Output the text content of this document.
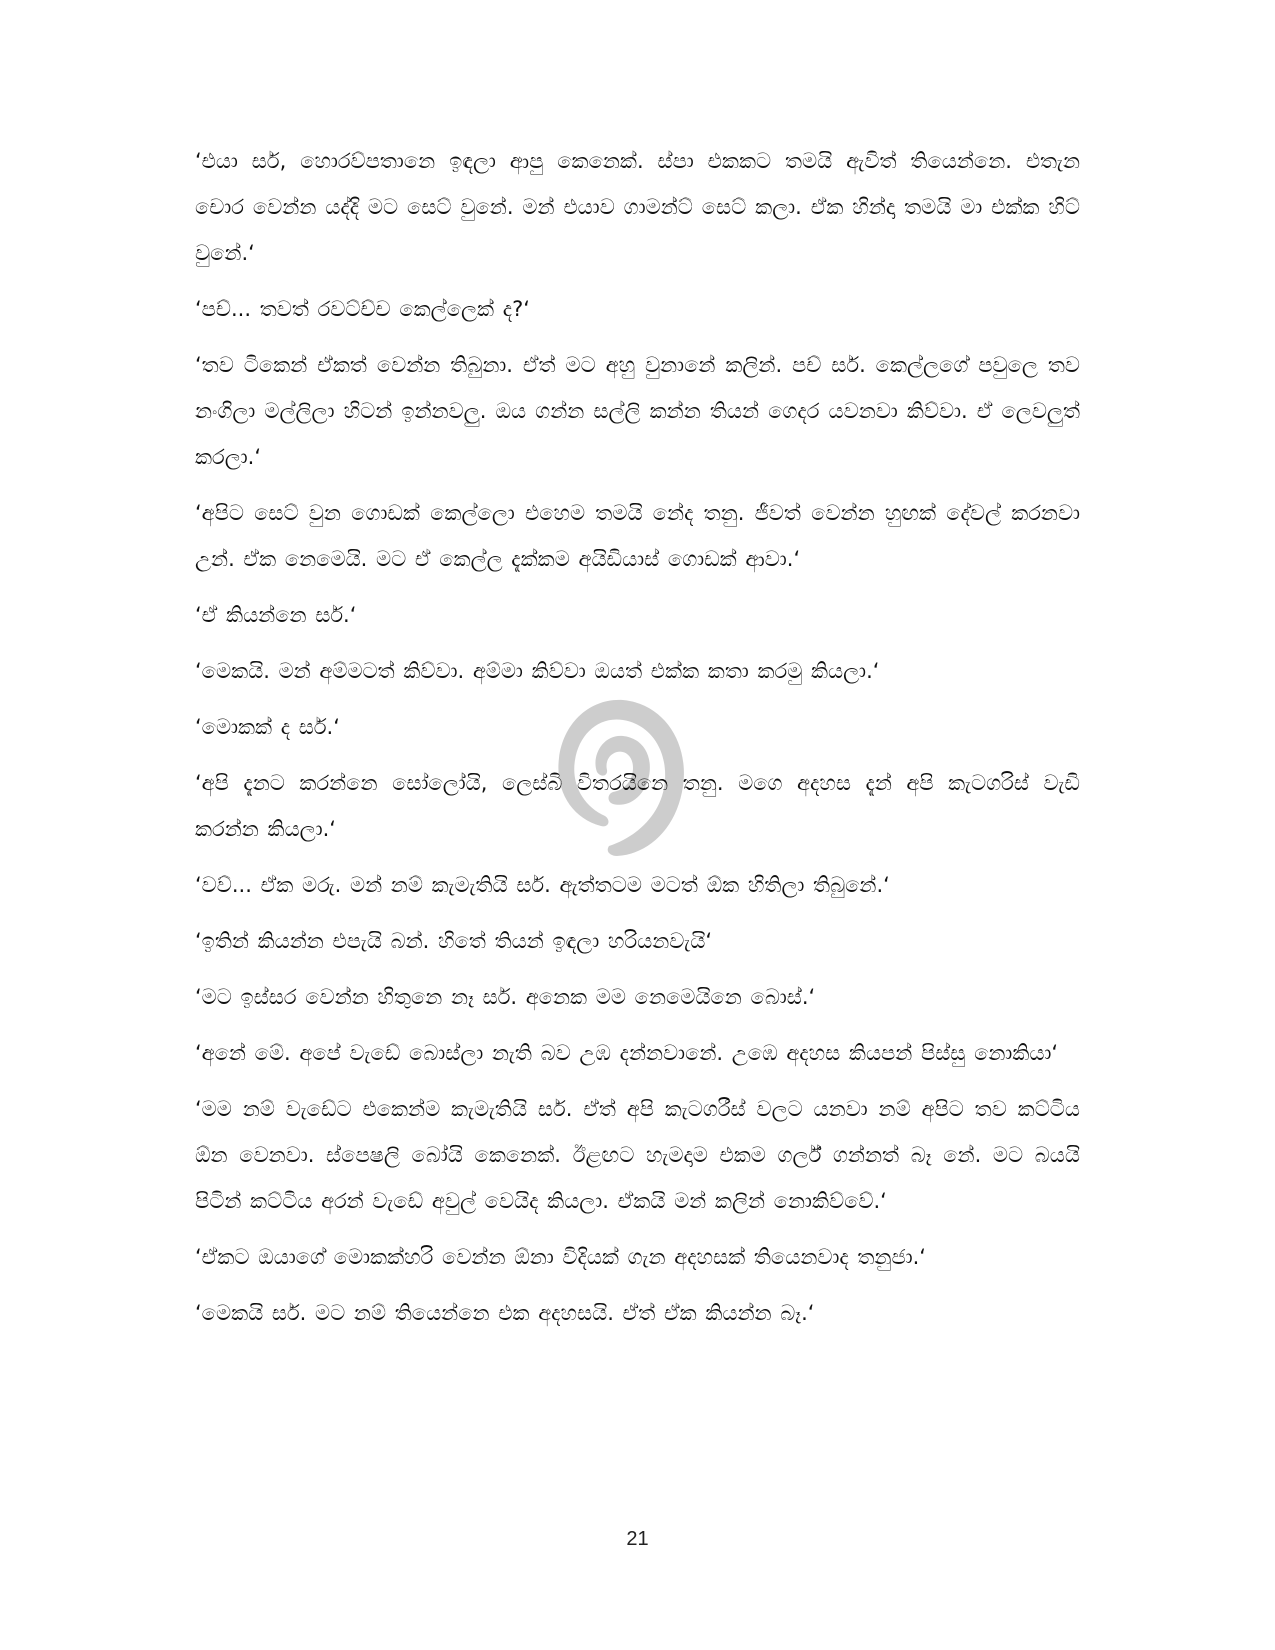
‘එයා සර්, හොරව්පතානෙ ඉඳලා ආපු කෙනෙක්. ස්පා එකකට තමයි ඇවිත් තියෙන්නෙ. එතැන චොර වෙන්න යද්දි මට සෙට් වුනේ. මන් එයාව ගාමන්ට් සෙට් කලා. ඒක හින්දා තමයි මා එක්ක හිට් වුනේ.‘

‘පච්... තවත් රවට්ච්ච කෙල්ලෙක් ද?‘

‘තව ටිකෙන් ඒකත් වෙන්න තිබුනා. ඒත් මට අහු වුනානේ කලින්. පච් සර්. කෙල්ලගේ පවුලෙ තව නංගිලා මල්ලිලා හිටන් ඉන්නවලු. ඔය ගන්න සල්ලි කන්න තියන් ගෙදර යවනවා කිව්වා. ඒ ලෙවලුත් කරලා.‘

‘අපිට සෙට් වුන ගොඩක් කෙල්ලො එහෙම තමයි නේද තනු. ජීවත් වෙන්න හුඟක් දේවල් කරනවා උන්. ඒක නෙමෙයි. මට ඒ කෙල්ල දැක්කම අයිඩියාස් ගොඩක් ආවා.‘

‘ඒ කියන්නෙ සර්.‘

‘මෙකයි. මන් අම්මටත් කිව්වා. අම්මා කිව්වා ඔයත් එක්ක කතා කරමු කියලා.‘

‘මොකක් ද සර්.‘

‘අපි දැනට කරන්නෙ සෝලෝයි, ලෙස්බි විතරයිනෙ තනු. මගෙ අදහස දැන් අපි කැටගරිස් වැඩි කරන්න කියලා.‘

‘වව්... ඒක මරු. මන් නම් කැමැතියි සර්. ඇත්තටම මටත් ඕක හිතිලා තිබුනේ.‘

‘ඉතින් කියන්න එපැයි බන්. හිතේ තියන් ඉඳලා හරියනවැයි‘

‘මට ඉස්සර වෙන්න හිතුනෙ නෑ සර්. අනෙක මම නෙමෙයිනෙ බොස්.‘

‘අනේ මේ. අපේ වැඩේ බොස්ලා නැති බව උඹ දන්නවානේ. උඹෙ අදහස කියපන් පිස්සු නොකියා‘

‘මම නම් වැඩේට එකෙන්ම කැමැතියි සර්. ඒත් අපි කැටගරීස් වලට යනවා නම් අපිට තව කට්ටිය ඕන වෙනවා. ස්පෙෂලි බෝයි කෙනෙක්. ඊළඟට හැමදාම එකම ගර්ල් ගන්නත් බෑ නේ. මට බයයි පිටින් කට්ටිය අරන් වැඩේ අවුල් වෙයිද කියලා. ඒකයි මන් කලින් නොකිව්වේ.‘

‘ඒකට ඔයාගේ මොකක්හරි වෙන්න ඕනා විදියක් ගැන අදහසක් තියෙනවාද තනුජා.‘

‘මෙකයි සර්. මට නම් තියෙන්නෙ එක අදහසයි. ඒත් ඒක කියන්න බෑ.‘

21
